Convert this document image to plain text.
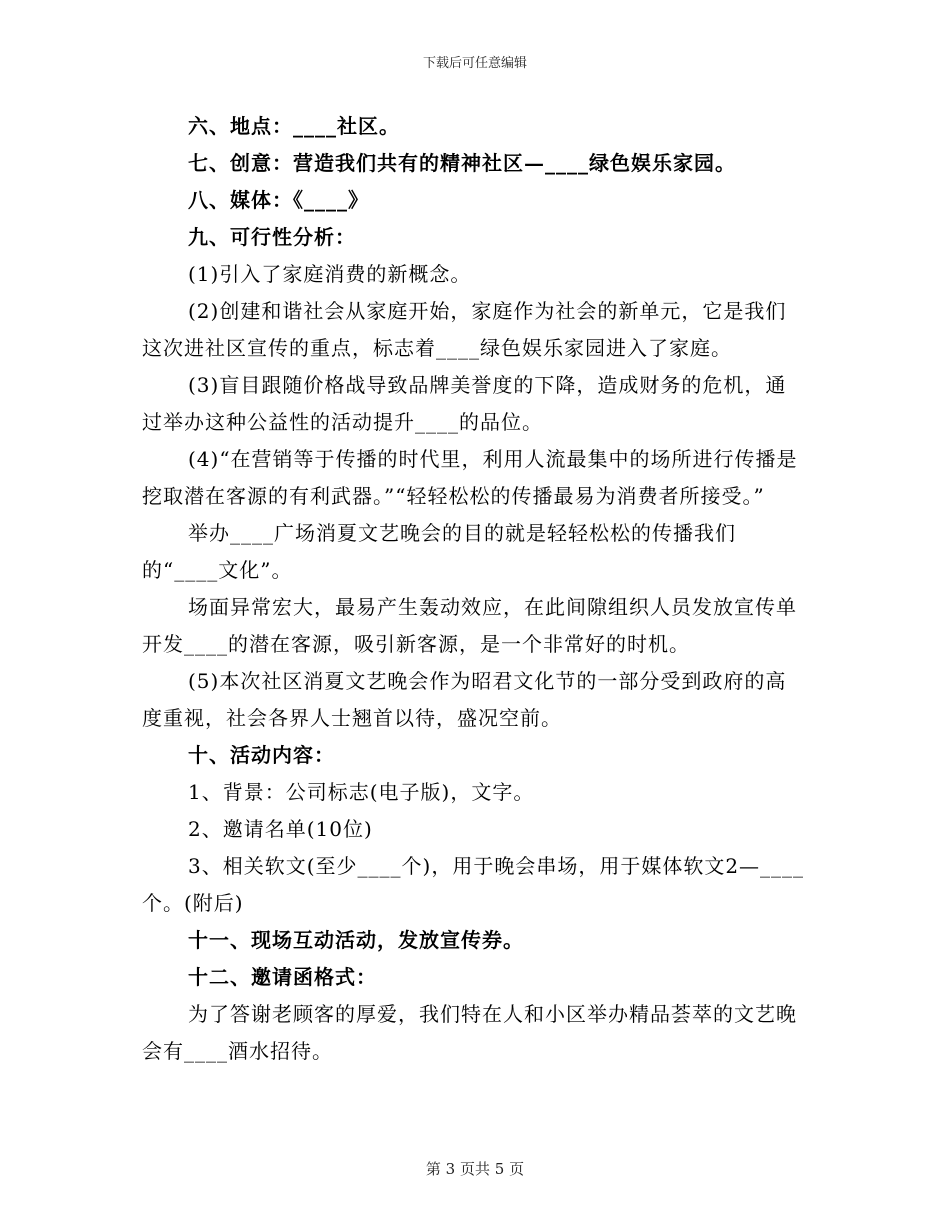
下载后可任意编辑

六、地点：____社区。

七、创意：营造我们共有的精神社区—____绿色娱乐家园。

八、媒体：《____》

九、可行性分析：

(1)引入了家庭消费的新概念。

(2)创建和谐社会从家庭开始，家庭作为社会的新单元，它是我们这次进社区宣传的重点，标志着____绿色娱乐家园进入了家庭。

(3)盲目跟随价格战导致品牌美誉度的下降，造成财务的危机，通过举办这种公益性的活动提升____的品位。

(4)“在营销等于传播的时代里，利用人流最集中的场所进行传播是挖取潜在客源的有利武器。”“轻轻松松的传播最易为消费者所接受。”

举办____广场消夏文艺晚会的目的就是轻轻松松的传播我们的“____文化”。

场面异常宏大，最易产生轰动效应，在此间隙组织人员发放宣传单开发____的潜在客源，吸引新客源，是一个非常好的时机。

(5)本次社区消夏文艺晚会作为昭君文化节的一部分受到政府的高度重视，社会各界人士翘首以待，盛况空前。

十、活动内容：

1、背景：公司标志(电子版)，文字。

2、邀请名单(10位)

3、相关软文(至少____个)，用于晚会串场，用于媒体软文2—____个。(附后)

十一、现场互动活动，发放宣传券。

十二、邀请函格式：

为了答谢老顾客的厚爱，我们特在人和小区举办精品荟萃的文艺晚会有____酒水招待。

第 3 页共 5 页
